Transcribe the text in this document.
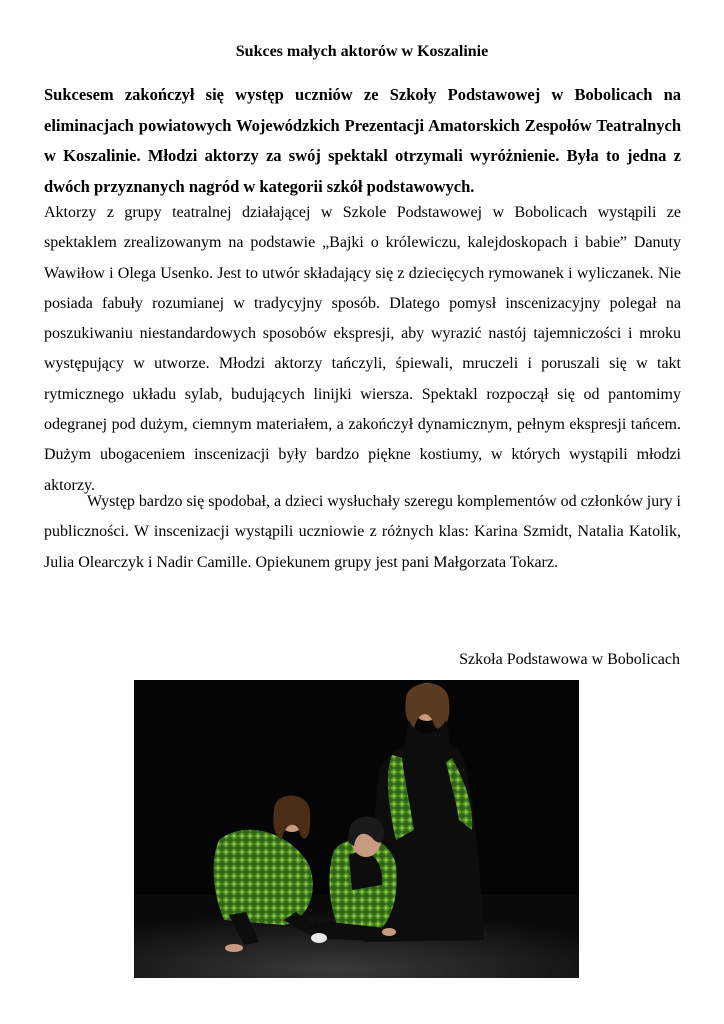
Sukces małych aktorów w Koszalinie

Sukcesem zakończył się występ uczniów ze Szkoły Podstawowej w Bobolicach na eliminacjach powiatowych Wojewódzkich Prezentacji Amatorskich Zespołów Teatralnych w Koszalinie. Młodzi aktorzy za swój spektakl otrzymali wyróżnienie. Była to jedna z dwóch przyznanych nagród w kategorii szkół podstawowych.

Aktorzy z grupy teatralnej działającej w Szkole Podstawowej w Bobolicach wystąpili ze spektaklem zrealizowanym na podstawie „Bajki o królewiczu, kalejdoskopach i babie” Danuty Wawiłow i Olega Usenko. Jest to utwór składający się z dziecięcych rymowanek i wyliczanek. Nie posiada fabuły rozumianej w tradycyjny sposób. Dlatego pomysł inscenizacyjny polegał na poszukiwaniu niestandardowych sposobów ekspresji, aby wyrazić nastój tajemniczości i mroku występujący w utworze. Młodzi aktorzy tańczyli, śpiewali, mruczeli i poruszali się w takt rytmicznego układu sylab, budujących linijki wiersza. Spektakl rozpoczął się od pantomimy odegranej pod dużym, ciemnym materiałem, a zakończył dynamicznym, pełnym ekspresji tańcem. Dużym ubogaceniem inscenizacji były bardzo piękne kostiumy, w których wystąpili młodzi aktorzy.

Występ bardzo się spodobał, a dzieci wysłuchały szeregu komplementów od członków jury i publiczności. W inscenizacji wystąpili uczniowie z różnych klas: Karina Szmidt, Natalia Katolik, Julia Olearczyk i Nadir Camille. Opiekunem grupy jest pani Małgorzata Tokarz.

Szkoła Podstawowa w Bobolicach
